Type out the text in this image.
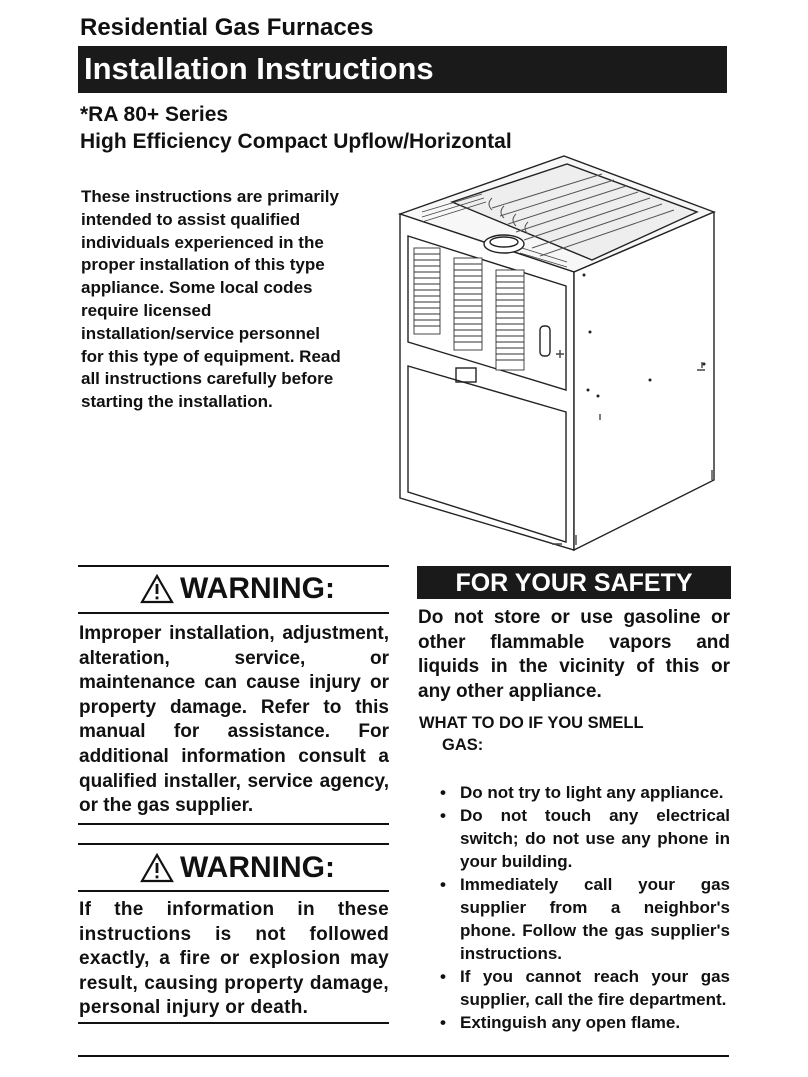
Residential Gas Furnaces
Installation Instructions
*RA 80+ Series
High Efficiency Compact Upflow/Horizontal
These instructions are primarily intended to assist qualified individuals experienced in the proper installation of this type appliance. Some local codes require licensed installation/service personnel for this type of equipment. Read all instructions carefully before starting the installation.
WARNING:
Improper installation, adjustment, alteration, service, or maintenance can cause injury or property damage. Refer to this manual for assistance. For additional information consult a qualified installer, service agency, or the gas supplier.
WARNING:
If the information in these instructions is not followed exactly, a fire or explosion may result, causing property damage, personal injury or death.
FOR YOUR SAFETY
Do not store or use gasoline or other flammable vapors and liquids in the vicinity of this or any other appliance.
WHAT TO DO IF YOU SMELL
GAS:
• Do not try to light any appliance.
• Do not touch any electrical switch; do not use any phone in your building.
• Immediately call your gas supplier from a neighbor's phone. Follow the gas supplier's instructions.
• If you cannot reach your gas supplier, call the fire department.
• Extinguish any open flame.
